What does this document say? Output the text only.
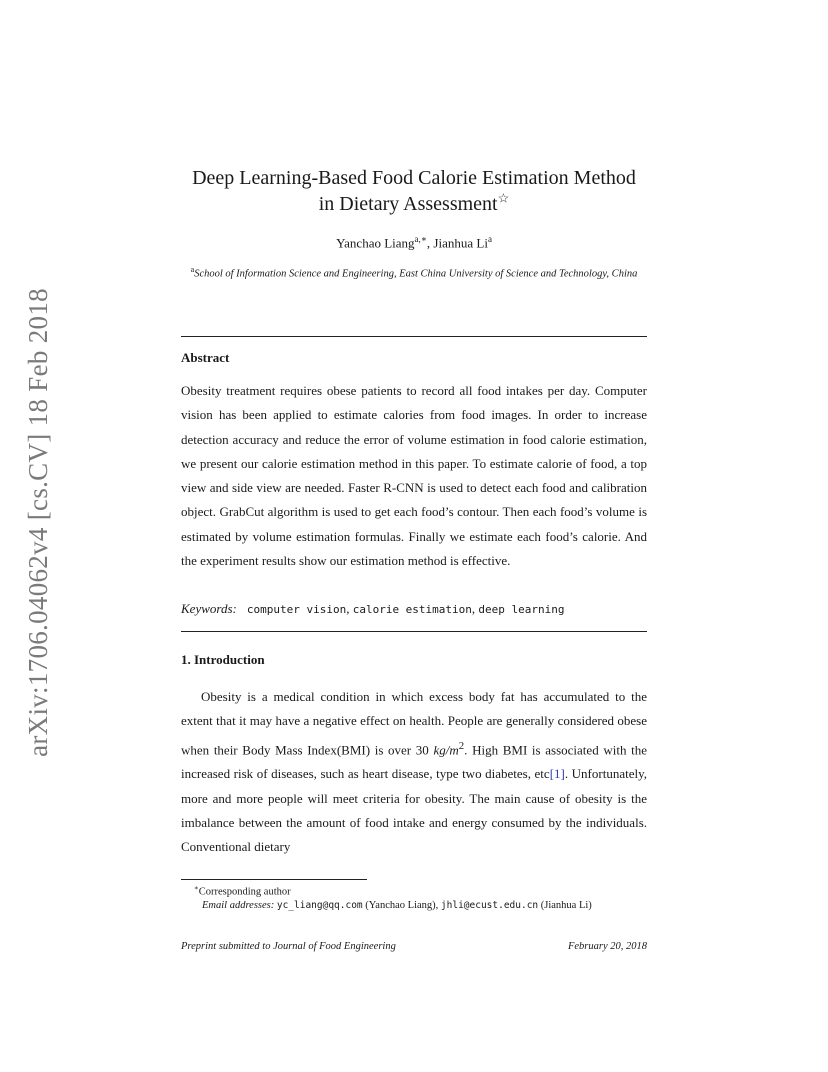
arXiv:1706.04062v4 [cs.CV] 18 Feb 2018
Deep Learning-Based Food Calorie Estimation Method
in Dietary Assessment☆
Yanchao Liang$^{a,∗}$, Jianhua Li$^a$
$^a$School of Information Science and Engineering, East China University of Science and Technology, China
Abstract

Obesity treatment requires obese patients to record all food intakes per day. Computer vision has been applied to estimate calories from food images. In order to increase detection accuracy and reduce the error of volume estimation in food calorie estimation, we present our calorie estimation method in this paper. To estimate calorie of food, a top view and side view are needed. Faster R-CNN is used to detect each food and calibration object. GrabCut algorithm is used to get each food’s contour. Then each food’s volume is estimated by volume estimation formulas. Finally we estimate each food’s calorie. And the experiment results show our estimation method is effective.

Keywords: computer vision, calorie estimation, deep learning
1. Introduction

Obesity is a medical condition in which excess body fat has accumulated to the extent that it may have a negative effect on health. People are generally considered obese when their Body Mass Index(BMI) is over 30 $kg/m^2$. High BMI is associated with the increased risk of diseases, such as heart disease, type two diabetes, etc[1]. Unfortunately, more and more people will meet criteria for obesity. The main cause of obesity is the imbalance between the amount of food intake and energy consumed by the individuals. Conventional dietary

∗Corresponding author
Email addresses: yc_liang@qq.com (Yanchao Liang), jhli@ecust.edu.cn (Jianhua Li)
Preprint submitted to Journal of Food Engineering	February 20, 2018
